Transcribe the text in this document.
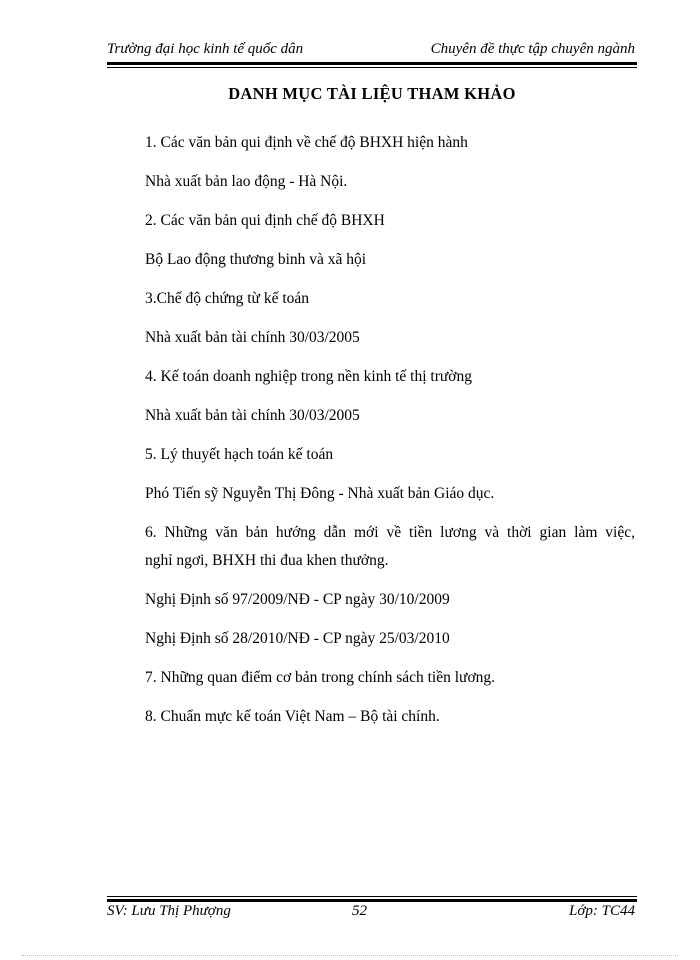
Trường đại học kinh tế quốc dân	Chuyên đề thực tập chuyên ngành
DANH MỤC TÀI LIỆU THAM KHẢO
1. Các văn bản qui định về chế độ BHXH hiện hành
Nhà xuất bản lao động - Hà Nội.
2. Các văn bản qui định chế độ BHXH
Bộ Lao động thương binh và xã hội
3.Chế độ chứng từ kế toán
Nhà xuất bản tài chính 30/03/2005
4. Kế toán doanh nghiệp trong nền kinh tế thị trường
Nhà xuất bản tài chính 30/03/2005
5. Lý thuyết hạch toán kế toán
Phó Tiến sỹ Nguyễn Thị Đông - Nhà xuất bản Giáo dục.
6. Những văn bản hướng dẫn mới về tiền lương và thời gian làm việc,
nghỉ ngơi, BHXH thi đua khen thưởng.
Nghị Định số 97/2009/NĐ - CP ngày 30/10/2009
Nghị Định số 28/2010/NĐ - CP ngày 25/03/2010
7. Những quan điểm cơ bản trong chính sách tiền lương.
8. Chuẩn mực kế toán Việt Nam – Bộ tài chính.
SV: Lưu Thị Phượng	52	Lớp: TC44
